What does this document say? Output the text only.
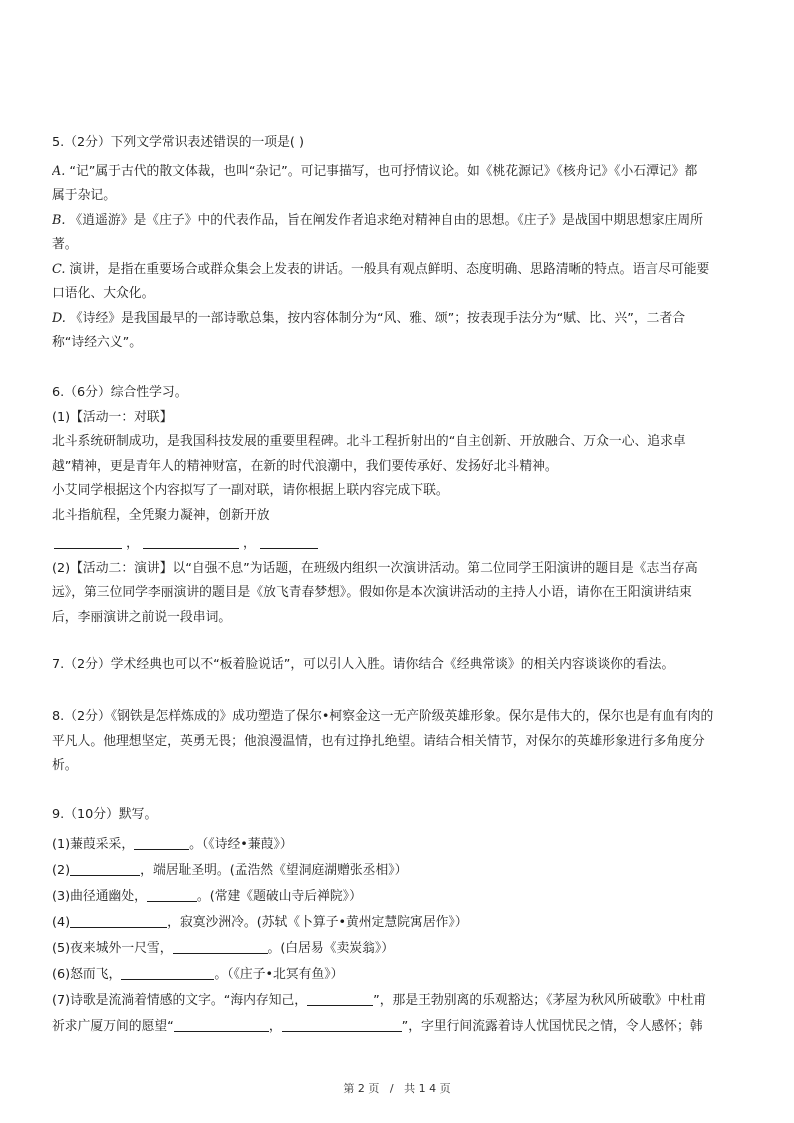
5.（2分）下列文学常识表述错误的一项是( )
A. “记”属于古代的散文体裁，也叫“杂记”。可记事描写，也可抒情议论。如《桃花源记》《核舟记》《小石潭记》都
属于杂记。
B. 《逍遥游》是《庄子》中的代表作品，旨在阐发作者追求绝对精神自由的思想。《庄子》是战国中期思想家庄周所
著。
C. 演讲，是指在重要场合或群众集会上发表的讲话。一般具有观点鲜明、态度明确、思路清晰的特点。语言尽可能要
口语化、大众化。
D. 《诗经》是我国最早的一部诗歌总集，按内容体制分为“风、雅、颂”；按表现手法分为“赋、比、兴”，二者合
称“诗经六义”。
6.（6分）综合性学习。
(1)【活动一：对联】
北斗系统研制成功，是我国科技发展的重要里程碑。北斗工程折射出的“自主创新、开放融合、万众一心、追求卓
越”精神，更是青年人的精神财富，在新的时代浪潮中，我们要传承好、发扬好北斗精神。
小艾同学根据这个内容拟写了一副对联，请你根据上联内容完成下联。
北斗指航程，全凭聚力凝神，创新开放
，	，
(2)【活动二：演讲】以“自强不息”为话题，在班级内组织一次演讲活动。第二位同学王阳演讲的题目是《志当存高
远》，第三位同学李丽演讲的题目是《放飞青春梦想》。假如你是本次演讲活动的主持人小语，请你在王阳演讲结束
后，李丽演讲之前说一段串词。
7.（2分）学术经典也可以不“板着脸说话”，可以引人入胜。请你结合《经典常谈》的相关内容谈谈你的看法。
8.（2分）《钢铁是怎样炼成的》成功塑造了保尔•柯察金这一无产阶级英雄形象。保尔是伟大的，保尔也是有血有肉的
平凡人。他理想坚定，英勇无畏；他浪漫温情，也有过挣扎绝望。请结合相关情节，对保尔的英雄形象进行多角度分
析。
9.（10分）默写。
(1)蒹葭采采，	。（《诗经•蒹葭》）
(2)	，端居耻圣明。(孟浩然《望洞庭湖赠张丞相》）
(3)曲径通幽处，	。(常建《题破山寺后禅院》）
(4)	，寂寞沙洲冷。(苏轼《卜算子•黄州定慧院寓居作》）
(5)夜来城外一尺雪，	。(白居易《卖炭翁》）
(6)怒而飞，	。（《庄子•北冥有鱼》）
(7)诗歌是流淌着情感的文字。“海内存知己，	”，那是王勃别离的乐观豁达；《茅屋为秋风所破歌》中杜甫
祈求广厦万间的愿望“	，	”，字里行间流露着诗人忧国忧民之情，令人感怀；韩
第 2 页   /   共 1 4 页
